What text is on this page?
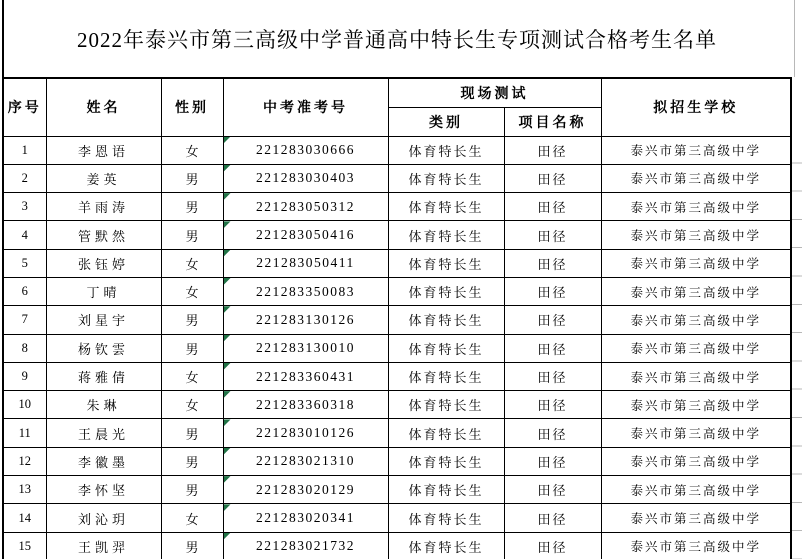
2022年泰兴市第三高级中学普通高中特长生专项测试合格考生名单
序号	姓名	性别	中考准考号	现场测试		拟招生学校
				类别	项目名称	
1	李恩语	女	221283030666	体育特长生	田径	泰兴市第三高级中学
2	姜英	男	221283030403	体育特长生	田径	泰兴市第三高级中学
3	羊雨涛	男	221283050312	体育特长生	田径	泰兴市第三高级中学
4	管默然	男	221283050416	体育特长生	田径	泰兴市第三高级中学
5	张钰婷	女	221283050411	体育特长生	田径	泰兴市第三高级中学
6	丁晴	女	221283350083	体育特长生	田径	泰兴市第三高级中学
7	刘星宇	男	221283130126	体育特长生	田径	泰兴市第三高级中学
8	杨钦雲	男	221283130010	体育特长生	田径	泰兴市第三高级中学
9	蒋雅倩	女	221283360431	体育特长生	田径	泰兴市第三高级中学
10	朱琳	女	221283360318	体育特长生	田径	泰兴市第三高级中学
11	王晨光	男	221283010126	体育特长生	田径	泰兴市第三高级中学
12	李徽墨	男	221283021310	体育特长生	田径	泰兴市第三高级中学
13	李怀坚	男	221283020129	体育特长生	田径	泰兴市第三高级中学
14	刘沁玥	女	221283020341	体育特长生	田径	泰兴市第三高级中学
15	王凯羿	男	221283021732	体育特长生	田径	泰兴市第三高级中学
